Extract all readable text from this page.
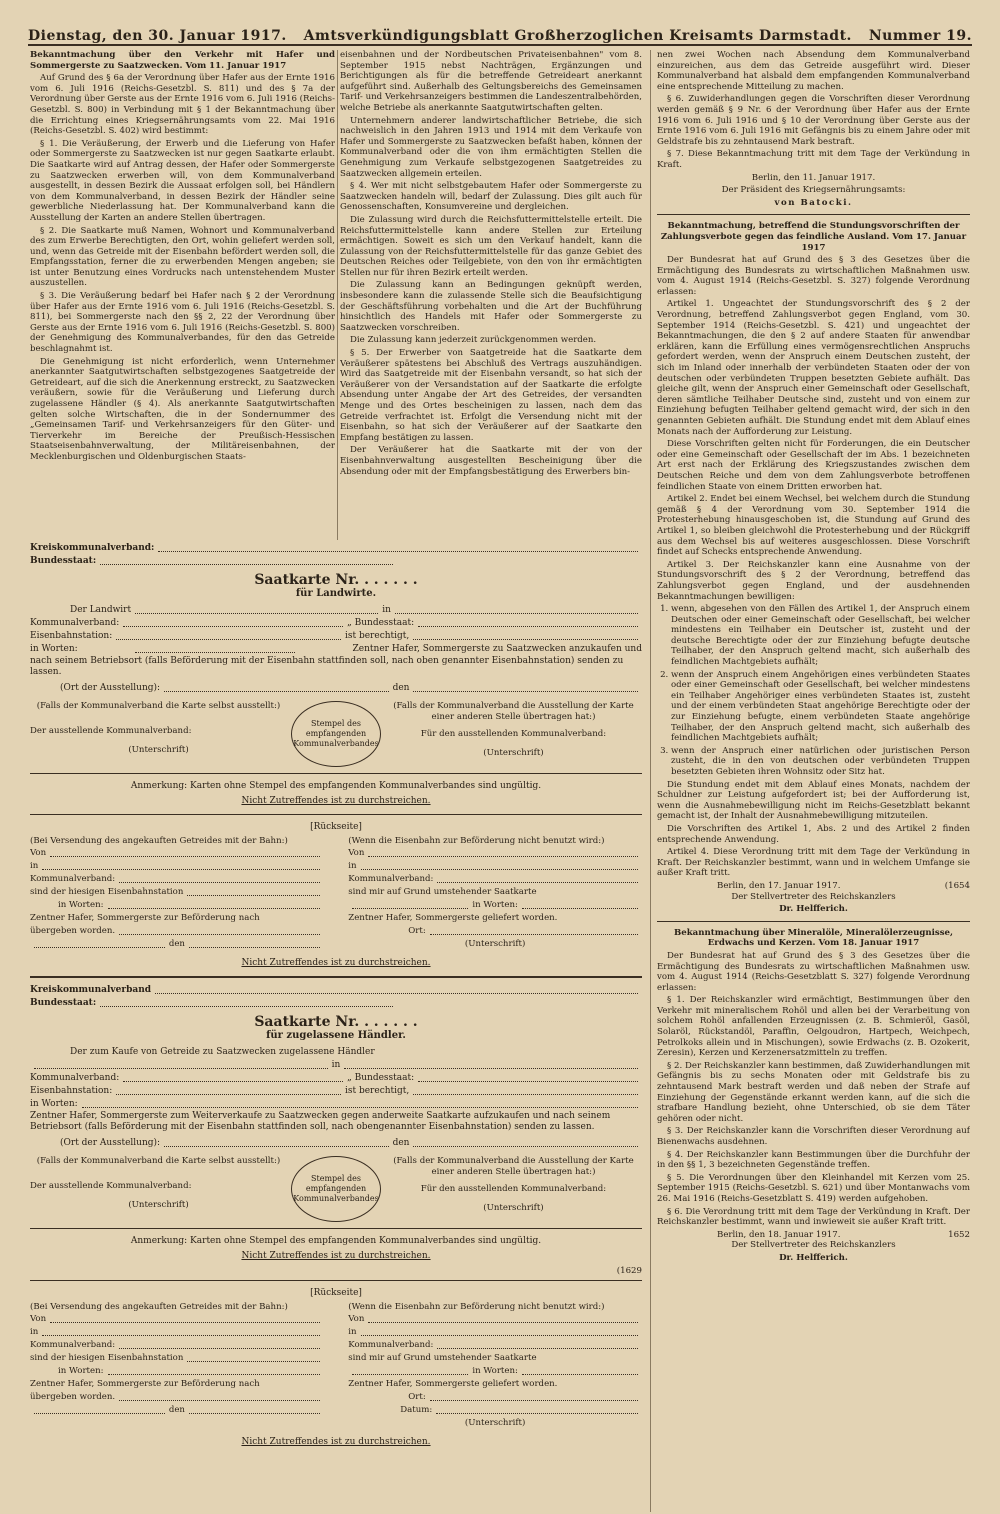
Dienstag, den 30. Januar 1917. Amtsverkündigungsblatt Großherzoglichen Kreisamts Darmstadt. Nummer 19.

Bekanntmachung über den Verkehr mit Hafer und Sommergerste zu Saatzwecken. Vom 11. Januar 1917

Auf Grund des § 6a der Verordnung über Hafer aus der Ernte 1916 vom 6. Juli 1916 (Reichs-Gesetzbl. S. 811) und des § 7a der Verordnung über Gerste aus der Ernte 1916 vom 6. Juli 1916 (Reichs-Gesetzbl. S. 800) in Verbindung mit § 1 der Bekanntmachung über die Errichtung eines Kriegsernährungsamts vom 22. Mai 1916 (Reichs-Gesetzbl. S. 402) wird bestimmt:

§ 1. Die Veräußerung, der Erwerb und die Lieferung von Hafer oder Sommergerste zu Saatzwecken ist nur gegen Saatkarte erlaubt. Die Saatkarte wird auf Antrag dessen, der Hafer oder Sommergerste zu Saatzwecken erwerben will, von dem Kommunalverband ausgestellt, in dessen Bezirk die Aussaat erfolgen soll, bei Händlern von dem Kommunalverband, in dessen Bezirk der Händler seine gewerbliche Niederlassung hat. Der Kommunalverband kann die Ausstellung der Karten an andere Stellen übertragen.

§ 2. Die Saatkarte muß Namen, Wohnort und Kommunalverband des zum Erwerbe Berechtigten, den Ort, wohin geliefert werden soll, und, wenn das Getreide mit der Eisenbahn befördert werden soll, die Empfangsstation, ferner die zu erwerbenden Mengen angeben; sie ist unter Benutzung eines Vordrucks nach untenstehendem Muster auszustellen.

§ 3. Die Veräußerung bedarf bei Hafer nach § 2 der Verordnung über Hafer aus der Ernte 1916 vom 6. Juli 1916 (Reichs-Gesetzbl. S. 811), bei Sommergerste nach den §§ 2, 22 der Verordnung über Gerste aus der Ernte 1916 vom 6. Juli 1916 (Reichs-Gesetzbl. S. 800) der Genehmigung des Kommunalverbandes, für den das Getreide beschlagnahmt ist.

Die Genehmigung ist nicht erforderlich, wenn Unternehmer anerkannter Saatgutwirtschaften selbstgezogenes Saatgetreide der Getreideart, auf die sich die Anerkennung erstreckt, zu Saatzwecken veräußern, sowie für die Veräußerung und Lieferung durch zugelassene Händler (§ 4). Als anerkannte Saatgutwirtschaften gelten solche Wirtschaften, die in der Sondernummer des „Gemeinsamen Tarif- und Verkehrsanzeigers für den Güter- und Tierverkehr im Bereiche der Preußisch-Hessischen Staatseisenbahnverwaltung, der Militäreisenbahnen, der Mecklenburgischen und Oldenburgischen Staats-

eisenbahnen und der Nordbeutschen Privateisenbahnen" vom 8. September 1915 nebst Nachträgen, Ergänzungen und Berichtigungen als für die betreffende Getreideart anerkannt aufgeführt sind. Außerhalb des Geltungsbereichs des Gemeinsamen Tarif- und Verkehrsanzeigers bestimmen die Landeszentralbehörden, welche Betriebe als anerkannte Saatgutwirtschaften gelten.

Unternehmern anderer landwirtschaftlicher Betriebe, die sich nachweislich in den Jahren 1913 und 1914 mit dem Verkaufe von Hafer und Sommergerste zu Saatzwecken befaßt haben, können der Kommunalverband oder die von ihm ermächtigten Stellen die Genehmigung zum Verkaufe selbstgezogenen Saatgetreides zu Saatzwecken allgemein erteilen.

§ 4. Wer mit nicht selbstgebautem Hafer oder Sommergerste zu Saatzwecken handeln will, bedarf der Zulassung. Dies gilt auch für Genossenschaften, Konsumvereine und dergleichen.

Die Zulassung wird durch die Reichsfuttermittelstelle erteilt. Die Reichsfuttermittelstelle kann andere Stellen zur Erteilung ermächtigen. Soweit es sich um den Verkauf handelt, kann die Zulassung von der Reichsfuttermittelstelle für das ganze Gebiet des Deutschen Reiches oder Teilgebiete, von den von ihr ermächtigten Stellen nur für ihren Bezirk erteilt werden.

Die Zulassung kann an Bedingungen geknüpft werden, insbesondere kann die zulassende Stelle sich die Beaufsichtigung der Geschäftsführung vorbehalten und die Art der Buchführung hinsichtlich des Handels mit Hafer oder Sommergerste zu Saatzwecken vorschreiben.

Die Zulassung kann jederzeit zurückgenommen werden.

§ 5. Der Erwerber von Saatgetreide hat die Saatkarte dem Veräußerer spätestens bei Abschluß des Vertrags auszuhändigen. Wird das Saatgetreide mit der Eisenbahn versandt, so hat sich der Veräußerer von der Versandstation auf der Saatkarte die erfolgte Absendung unter Angabe der Art des Getreides, der versandten Menge und des Ortes bescheinigen zu lassen, nach dem das Getreide verfrachtet ist. Erfolgt die Versendung nicht mit der Eisenbahn, so hat sich der Veräußerer auf der Saatkarte den Empfang bestätigen zu lassen.

Der Veräußerer hat die Saatkarte mit der von der Eisenbahnverwaltung ausgestellten Bescheinigung über die Absendung oder mit der Empfangsbestätigung des Erwerbers bin-

nen zwei Wochen nach Absendung dem Kommunalverband einzureichen, aus dem das Getreide ausgeführt wird. Dieser Kommunalverband hat alsbald dem empfangenden Kommunalverband eine entsprechende Mitteilung zu machen.

§ 6. Zuwiderhandlungen gegen die Vorschriften dieser Verordnung werden gemäß § 9 Nr. 6 der Verordnung über Hafer aus der Ernte 1916 vom 6. Juli 1916 und § 10 der Verordnung über Gerste aus der Ernte 1916 vom 6. Juli 1916 mit Gefängnis bis zu einem Jahre oder mit Geldstrafe bis zu zehntausend Mark bestraft.

§ 7. Diese Bekanntmachung tritt mit dem Tage der Verkündung in Kraft.

Berlin, den 11. Januar 1917.

Der Präsident des Kriegsernährungsamts:

von Batocki.

Bekanntmachung, betreffend die Stundungsvorschriften der Zahlungsverbote gegen das feindliche Ausland. Vom 17. Januar 1917

Der Bundesrat hat auf Grund des § 3 des Gesetzes über die Ermächtigung des Bundesrats zu wirtschaftlichen Maßnahmen usw. vom 4. August 1914 (Reichs-Gesetzbl. S. 327) folgende Verordnung erlassen:

Artikel 1. Ungeachtet der Stundungsvorschrift des § 2 der Verordnung, betreffend Zahlungsverbot gegen England, vom 30. September 1914 (Reichs-Gesetzbl. S. 421) und ungeachtet der Bekanntmachungen, die den § 2 auf andere Staaten für anwendbar erklären, kann die Erfüllung eines vermögensrechtlichen Anspruchs gefordert werden, wenn der Anspruch einem Deutschen zusteht, der sich im Inland oder innerhalb der verbündeten Staaten oder der von deutschen oder verbündeten Truppen besetzten Gebiete aufhält. Das gleiche gilt, wenn der Anspruch einer Gemeinschaft oder Gesellschaft, deren sämtliche Teilhaber Deutsche sind, zusteht und von einem zur Einziehung befugten Teilhaber geltend gemacht wird, der sich in den genannten Gebieten aufhält. Die Stundung endet mit dem Ablauf eines Monats nach der Aufforderung zur Leistung.

Diese Vorschriften gelten nicht für Forderungen, die ein Deutscher oder eine Gemeinschaft oder Gesellschaft der im Abs. 1 bezeichneten Art erst nach der Erklärung des Kriegszustandes zwischen dem Deutschen Reiche und dem von dem Zahlungsverbote betroffenen feindlichen Staate von einem Dritten erworben hat.

Artikel 2. Endet bei einem Wechsel, bei welchem durch die Stundung gemäß § 4 der Verordnung vom 30. September 1914 die Protesterhebung hinausgeschoben ist, die Stundung auf Grund des Artikel 1, so bleiben gleichwohl die Protesterhebung und der Rückgriff aus dem Wechsel bis auf weiteres ausgeschlossen. Diese Vorschrift findet auf Schecks entsprechende Anwendung.

Artikel 3. Der Reichskanzler kann eine Ausnahme von der Stundungsvorschrift des § 2 der Verordnung, betreffend das Zahlungsverbot gegen England, und der ausdehnenden Bekanntmachungen bewilligen:

1. wenn, abgesehen von den Fällen des Artikel 1, der Anspruch einem Deutschen oder einer Gemeinschaft oder Gesellschaft, bei welcher mindestens ein Teilhaber ein Deutscher ist, zusteht und der deutsche Berechtigte oder der zur Einziehung befugte deutsche Teilhaber, der den Anspruch geltend macht, sich außerhalb des feindlichen Machtgebiets aufhält;
2. wenn der Anspruch einem Angehörigen eines verbündeten Staates oder einer Gemeinschaft oder Gesellschaft, bei welcher mindestens ein Teilhaber Angehöriger eines verbündeten Staates ist, zusteht und der einem verbündeten Staat angehörige Berechtigte oder der zur Einziehung befugte, einem verbündeten Staate angehörige Teilhaber, der den Anspruch geltend macht, sich außerhalb des feindlichen Machtgebiets aufhält;
3. wenn der Anspruch einer natürlichen oder juristischen Person zusteht, die in den von deutschen oder verbündeten Truppen besetzten Gebieten ihren Wohnsitz oder Sitz hat.

Die Stundung endet mit dem Ablauf eines Monats, nachdem der Schuldner zur Leistung aufgefordert ist; bei der Aufforderung ist, wenn die Ausnahmebewilligung nicht im Reichs-Gesetzblatt bekannt gemacht ist, der Inhalt der Ausnahmebewilligung mitzuteilen.

Die Vorschriften des Artikel 1, Abs. 2 und des Artikel 2 finden entsprechende Anwendung.

Artikel 4. Diese Verordnung tritt mit dem Tage der Verkündung in Kraft. Der Reichskanzler bestimmt, wann und in welchem Umfange sie außer Kraft tritt.

Berlin, den 17. Januar 1917.	(1654

Der Stellvertreter des Reichskanzlers

Dr. Helfferich.

Bekanntmachung über Mineralöle, Mineralölerzeugnisse, Erdwachs und Kerzen. Vom 18. Januar 1917

Der Bundesrat hat auf Grund des § 3 des Gesetzes über die Ermächtigung des Bundesrats zu wirtschaftlichen Maßnahmen usw. vom 4. August 1914 (Reichs-Gesetzblatt S. 327) folgende Verordnung erlassen:

§ 1. Der Reichskanzler wird ermächtigt, Bestimmungen über den Verkehr mit mineralischem Rohöl und allen bei der Verarbeitung von solchem Rohöl anfallenden Erzeugnissen (z. B. Schmieröl, Gasöl, Solaröl, Rückstandöl, Paraffin, Oelgoudron, Hartpech, Weichpech, Petrolkoks allein und in Mischungen), sowie Erdwachs (z. B. Ozokerit, Zeresin), Kerzen und Kerzenersatzmitteln zu treffen.

§ 2. Der Reichskanzler kann bestimmen, daß Zuwiderhandlungen mit Gefängnis bis zu sechs Monaten oder mit Geldstrafe bis zu zehntausend Mark bestraft werden und daß neben der Strafe auf Einziehung der Gegenstände erkannt werden kann, auf die sich die strafbare Handlung bezieht, ohne Unterschied, ob sie dem Täter gehören oder nicht.

§ 3. Der Reichskanzler kann die Vorschriften dieser Verordnung auf Bienenwachs ausdehnen.

§ 4. Der Reichskanzler kann Bestimmungen über die Durchfuhr der in den §§ 1, 3 bezeichneten Gegenstände treffen.

§ 5. Die Verordnungen über den Kleinhandel mit Kerzen vom 25. September 1915 (Reichs-Gesetzbl. S. 621) und über Montanwachs vom 26. Mai 1916 (Reichs-Gesetzblatt S. 419) werden aufgehoben.

§ 6. Die Verordnung tritt mit dem Tage der Verkündung in Kraft. Der Reichskanzler bestimmt, wann und inwieweit sie außer Kraft tritt.

Berlin, den 18. Januar 1917.	1652

Der Stellvertreter des Reichskanzlers

Dr. Helfferich.

Kreiskommunalverband:
Bundesstaat:
Saatkarte Nr. . . . . . .
für Landwirte.
Der Landwirt	in
Kommunalverband:	„ Bundesstaat:
Eisenbahnstation:	ist berechtigt,
in Worten:	Zentner Hafer, Sommergerste zu Saatzwecken anzukaufen und
nach seinem Betriebsort (falls Beförderung mit der Eisenbahn stattfinden soll, nach oben genannter Eisenbahnstation) senden zu lassen.
(Ort der Ausstellung):	den
(Falls der Kommunalverband die Karte selbst ausstellt:)
Der ausstellende Kommunalverband:
(Unterschrift)
Stempel des empfangenden Kommunalverbandes
(Falls der Kommunalverband die Ausstellung der Karte einer anderen Stelle übertragen hat:)
Für den ausstellenden Kommunalverband:
(Unterschrift)
Anmerkung: Karten ohne Stempel des empfangenden Kommunalverbandes sind ungültig.
Nicht Zutreffendes ist zu durchstreichen.
[Rückseite]
(Bei Versendung des angekauften Getreides mit der Bahn:)
Von
in
Kommunalverband:
sind der hiesigen Eisenbahnstation
in Worten:
Zentner Hafer, Sommergerste zur Beförderung nach
übergeben worden.
den
(Wenn die Eisenbahn zur Beförderung nicht benutzt wird:)
Von
in
Kommunalverband:
sind mir auf Grund umstehender Saatkarte
in Worten:
Zentner Hafer, Sommergerste geliefert worden.
Ort:
(Unterschrift)
Nicht Zutreffendes ist zu durchstreichen.
Kreiskommunalverband
Bundesstaat:
Saatkarte Nr. . . . . . .
für zugelassene Händler.
Der zum Kaufe von Getreide zu Saatzwecken zugelassene Händler
in
Kommunalverband:	„ Bundesstaat:
Eisenbahnstation:	ist berechtigt,
in Worten:
Zentner Hafer, Sommergerste zum Weiterverkaufe zu Saatzwecken gegen anderweite Saatkarte aufzukaufen und nach seinem Betriebsort (falls Beförderung mit der Eisenbahn stattfinden soll, nach obengenannter Eisenbahnstation) senden zu lassen.
(Ort der Ausstellung):	den
(Falls der Kommunalverband die Karte selbst ausstellt:)
Der ausstellende Kommunalverband:
(Unterschrift)
Stempel des empfangenden Kommunalverbandes
(Falls der Kommunalverband die Ausstellung der Karte einer anderen Stelle übertragen hat:)
Für den ausstellenden Kommunalverband:
(Unterschrift)
Anmerkung: Karten ohne Stempel des empfangenden Kommunalverbandes sind ungültig.
Nicht Zutreffendes ist zu durchstreichen.
(1629
[Rückseite]
(Bei Versendung des angekauften Getreides mit der Bahn:)
Von
in
Kommunalverband:
sind der hiesigen Eisenbahnstation
in Worten:
Zentner Hafer, Sommergerste zur Beförderung nach
übergeben worden.
den
(Wenn die Eisenbahn zur Beförderung nicht benutzt wird:)
Von
in
Kommunalverband:
sind mir auf Grund umstehender Saatkarte
in Worten:
Zentner Hafer, Sommergerste geliefert worden.
Ort:
Datum:
(Unterschrift)
Nicht Zutreffendes ist zu durchstreichen.
